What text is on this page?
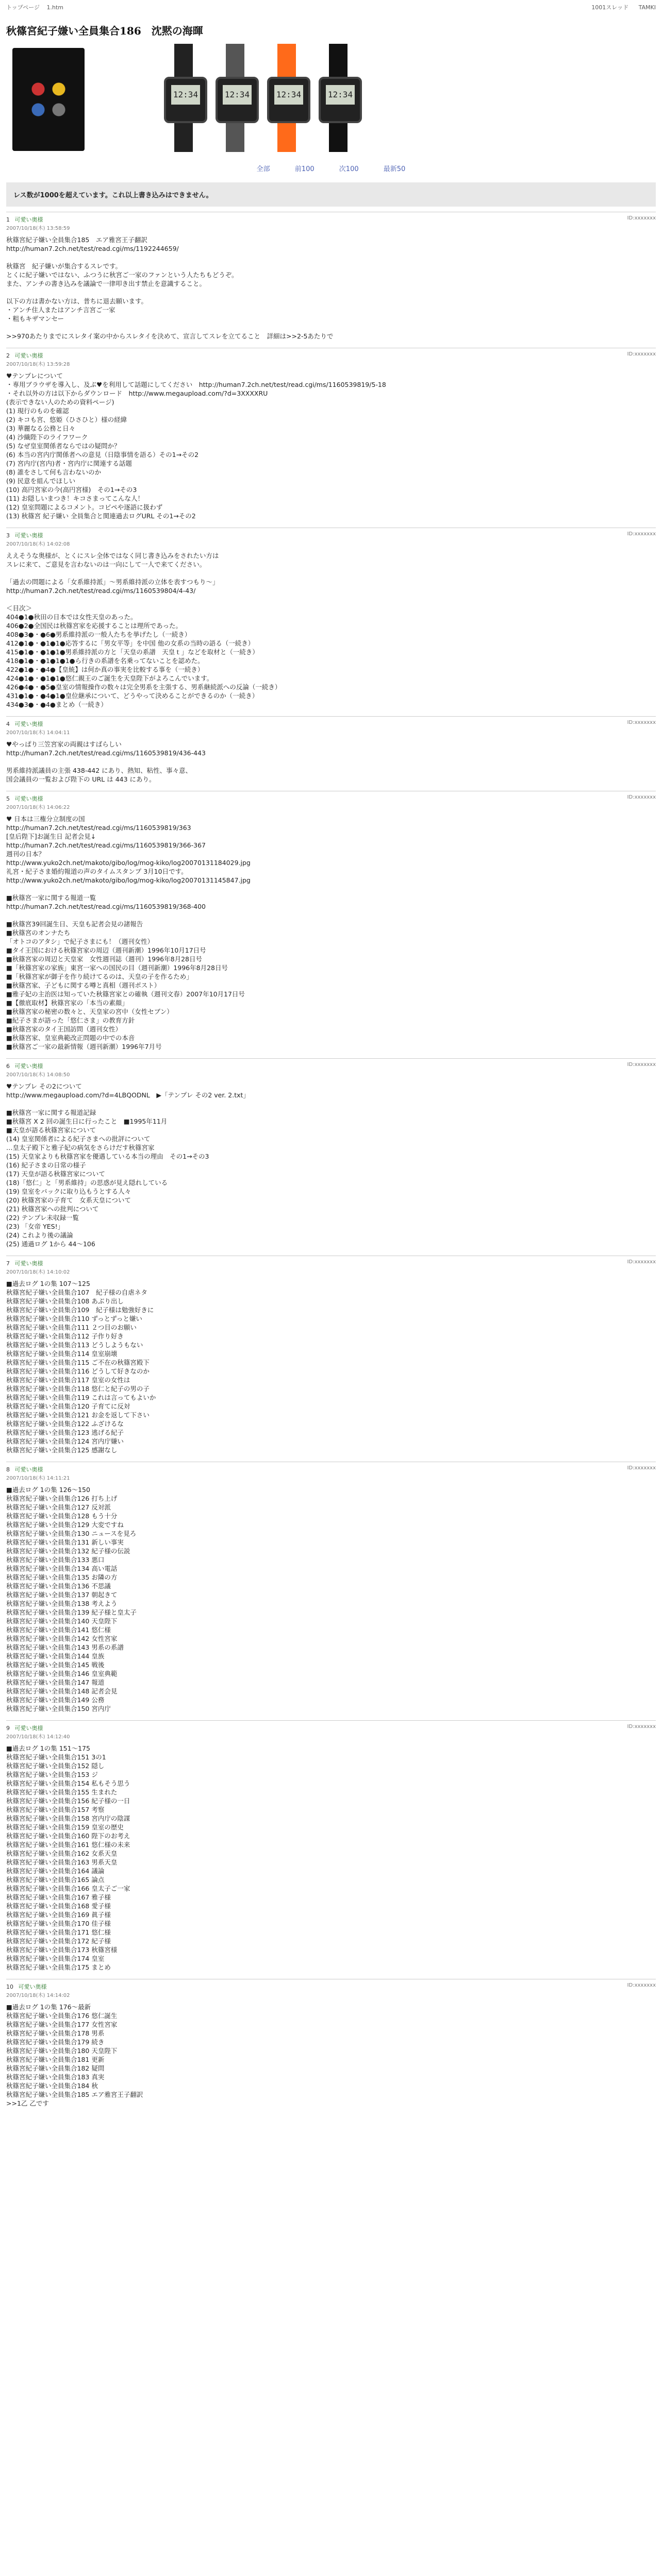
トップページ 1.htm	1001スレッド TAMKI
秋篠宮紀子嫌い全員集合186　沈黙の海暉
12:34	12:34	12:34	12:34
全部	前100	次100	最新50
レス数が1000を超えています。これ以上書き込みはできません。
1 可愛い奥様
2007/10/18(木) 13:58:59
ID:xxxxxxx
秋篠宮紀子嫌い全員集合185　エア雅宮王子翻訳
http://human7.2ch.net/test/read.cgi/ms/1192244659/

秋篠宮　紀子嫌いが集合するスレです。
とくに紀子嫌いではない、ふつうに秋宮ご一家のファンという人たちもどうぞ。
また、アンチの書き込みを議論で一律叩き出す禁止を意識すること。

以下の方は書かない方は、普ちに退去願います。
・アンチ住人またはアンチ言宮ご一家
・粗もキザマンセー

>>970あたりまでにスレタイ案の中からスレタイを決めて、宣言してスレを立てること　詳細は>>2-5あたりで
2 可愛い奥様
2007/10/18(木) 13:59:28
ID:xxxxxxx
♥テンプレについて
・専用ブラウザを導入し、及ぶ♥を利用して話題にしてください　http://human7.2ch.net/test/read.cgi/ms/1160539819/5-18
・それ以外の方は以下からダウンロード　http://www.megaupload.com/?d=3XXXXRU
(表示できない人のための資料ページ)
(1) 現行のものを確認
(2) キコも宮、悠姫（ひさひと）様の経緯
(3) 華麗なる公務と日々
(4) 沙織陛下のライフワーク
(5) なぜ皇室関係者ならではの疑問か？
(6) 本当の宮内庁関係者への意見（日陰事情を語る）その1→その2
(7) 宮内庁(宮内)者・宮内庁に関連する話題
(8) 誰をさして何も言わないのか
(9) 民意を組んでほしい
(10) 高円宮家の今(高円宮様)　その1→その3
(11) お隠しいまつき！キコさまってこんな人！
(12) 皇室問題によるコメント。コピペや逐語に扱わず
(13) 秋篠宮 紀子嫌い 全員集合と関連過去ログURL その1→その2
3 可愛い奥様
2007/10/18(木) 14:02:08
ID:xxxxxxx
ええそうな奥様が、とくにスレ全体ではなく同じ書き込みをされたい方は
スレに来て、ご意見を言わないのは一向にして一人で来てください。

「過去の問題による「女系維持派」〜男系維持派の立体を表すつもり〜」
http://human7.2ch.net/test/read.cgi/ms/1160539804/4-43/

＜目次＞
404●1●秋田の日本では女性天皇のあった。
406●2●全国民は秋篠宮家を応援することは理所であった。
408●3●・●6●男系維持派の一般人たちを挙げたし（一続き）
412●1●・●1●1●応答するに「男女平等」を中国 他の女系の当時の語る（一続き）
415●1●・●1●1●男系維持派の方と「天皇の系譜　天皇ｔ」などを取材と（一続き）
418●1●・●1●1●1●ら行きの系譜を名乗ってないことを認めた。
422●1●・●4●【皇統】は何か真の事実を比較する事を（一続き）
424●1●・●1●1●悠仁親王のご誕生を天皇陛下がよろこんでいます。
426●4●・●5●皇室の情報操作の数々は完全男系を主張する、男系継続派への反論（一続き）
431●1●・●4●1●皇位継承について、どうやって決めることができるのか（一続き）
434●3●・●4●まとめ（一続き）
4 可愛い奥様
2007/10/18(木) 14:04:11
ID:xxxxxxx
♥やっぱり三笠宮家の両親はすばらしい
http://human7.2ch.net/test/read.cgi/ms/1160539819/436-443

男系維持派議員の主張 438-442 にあり、熱知、粘性、事々意、
国会議員の一覧および陛下の URL は 443 にあり。
5 可愛い奥様
2007/10/18(木) 14:06:22
ID:xxxxxxx
♥ 日本は三権分立制度の国
http://human7.2ch.net/test/read.cgi/ms/1160539819/363
[皇后陛下]お誕生日 記者会見↓
http://human7.2ch.net/test/read.cgi/ms/1160539819/366-367
週刊の日本？
http://www.yuko2ch.net/makoto/gibo/log/mog-kiko/log20070131184029.jpg
礼宮・紀子さま婚約報道の声のタイムスタンプ 3月10日です。
http://www.yuko2ch.net/makoto/gibo/log/mog-kiko/log20070131145847.jpg

■秋篠宮一家に関する報道一覧
http://human7.2ch.net/test/read.cgi/ms/1160539819/368-400

■秋篠宮39回誕生日、天皇も記者会見の諸報告
■秋篠宮のオンナたち
「オトコのアタシ」で紀子さまにも！（週刊女性）
■タイ王国における秋篠宮家の周辺（週刊新潮）1996年10月17日号
■秋篠宮家の周辺と天皇家　女性週刊誌（週刊）1996年8月28日号
■「秋篠宮家の家族」東宮一家への国民の目（週刊新潮）1996年8月28日号
■「秋篠宮家が御子を作り続けてるのは、天皇の子を作るため」
■秋篠宮家、子どもに関する噂と真相（週刊ポスト）
■雅子妃の主治医は知っていた秋篠宮家との確執（週刊文春）2007年10月17日号
■【徹底取材】秋篠宮家の「本当の素顔」
■秋篠宮家の秘密の数々と、天皇家の宮中（女性セブン）
■紀子さまが語った「悠仁さま」の教育方針
■秋篠宮家のタイ王国訪問（週刊女性）
■秋篠宮家、皇室典範改正問題の中での本音
■秋篠宮ご一家の最新情報（週刊新潮）1996年7月号
6 可愛い奥様
2007/10/18(木) 14:08:50
ID:xxxxxxx
♥テンプレ その2について
http://www.megaupload.com/?d=4LBQODNL　▶「テンプレ その2 ver. 2.txt」

■秋篠宮一家に関する報道記録
■秋篠宮 X 2 回の誕生日に行ったこと　■1995年11月
■天皇が語る秋篠宮家について
(14) 皇室関係者による紀子さまへの批評について
…皇太子殿下と雅子妃の病気をさらけだす秋篠宮家
(15) 天皇家よりも秋篠宮家を優遇している本当の理由　その1→その3
(16) 紀子さまの日常の様子
(17) 天皇が語る秋篠宮家について
(18)「悠仁」と「男系維持」の思惑が見え隠れしている
(19) 皇室をバックに取り込もうとする人々
(20) 秋篠宮家の子育て　女系天皇について
(21) 秋篠宮家への批判について
(22) テンプレ未収録一覧
(23) 「女帝 YES!」
(24) これより後の議論
(25) 通過ログ 1から 44〜106
7 可愛い奥様
2007/10/18(木) 14:10:02
ID:xxxxxxx
■過去ログ 1の集 107〜125
秋篠宮紀子嫌い全員集合107　紀子様の自虐ネタ
秋篠宮紀子嫌い全員集合108 あぶり出し
秋篠宮紀子嫌い全員集合109　紀子様は勉強好きに
秋篠宮紀子嫌い全員集合110 ずっとずっと嫌い
秋篠宮紀子嫌い全員集合111 ２つ目のお願い
秋篠宮紀子嫌い全員集合112 子作り好き
秋篠宮紀子嫌い全員集合113 どうしようもない
秋篠宮紀子嫌い全員集合114 皇室崩壊
秋篠宮紀子嫌い全員集合115 ご不在の秋篠宮殿下
秋篠宮紀子嫌い全員集合116 どうして好きなのか
秋篠宮紀子嫌い全員集合117 皇室の女性は
秋篠宮紀子嫌い全員集合118 悠仁と紀子の男の子
秋篠宮紀子嫌い全員集合119 これは言ってもよいか
秋篠宮紀子嫌い全員集合120 子育てに反対
秋篠宮紀子嫌い全員集合121 お金を返して下さい
秋篠宮紀子嫌い全員集合122 ふざけるな
秋篠宮紀子嫌い全員集合123 逃げる紀子
秋篠宮紀子嫌い全員集合124 宮内庁嫌い
秋篠宮紀子嫌い全員集合125 感謝なし
8 可愛い奥様
2007/10/18(木) 14:11:21
ID:xxxxxxx
■過去ログ 1の集 126〜150
秋篠宮紀子嫌い全員集合126 打ち上げ
秋篠宮紀子嫌い全員集合127 反対派
秋篠宮紀子嫌い全員集合128 もう十分
秋篠宮紀子嫌い全員集合129 大変ですね
秋篠宮紀子嫌い全員集合130 ニュースを見ろ
秋篠宮紀子嫌い全員集合131 新しい事実
秋篠宮紀子嫌い全員集合132 紀子様の伝説
秋篠宮紀子嫌い全員集合133 悪口
秋篠宮紀子嫌い全員集合134 高い電話
秋篠宮紀子嫌い全員集合135 お隣の方
秋篠宮紀子嫌い全員集合136 不思議
秋篠宮紀子嫌い全員集合137 朝起きて
秋篠宮紀子嫌い全員集合138 考えよう
秋篠宮紀子嫌い全員集合139 紀子様と皇太子
秋篠宮紀子嫌い全員集合140 天皇陛下
秋篠宮紀子嫌い全員集合141 悠仁様
秋篠宮紀子嫌い全員集合142 女性宮家
秋篠宮紀子嫌い全員集合143 男系の系譜
秋篠宮紀子嫌い全員集合144 皇族
秋篠宮紀子嫌い全員集合145 戦後
秋篠宮紀子嫌い全員集合146 皇室典範
秋篠宮紀子嫌い全員集合147 報道
秋篠宮紀子嫌い全員集合148 記者会見
秋篠宮紀子嫌い全員集合149 公務
秋篠宮紀子嫌い全員集合150 宮内庁
9 可愛い奥様
2007/10/18(木) 14:12:40
ID:xxxxxxx
■過去ログ 1の集 151〜175
秋篠宮紀子嫌い全員集合151 3の1
秋篠宮紀子嫌い全員集合152 隠し
秋篠宮紀子嫌い全員集合153 ジ
秋篠宮紀子嫌い全員集合154 私もそう思う
秋篠宮紀子嫌い全員集合155 生まれた
秋篠宮紀子嫌い全員集合156 紀子様の一日
秋篠宮紀子嫌い全員集合157 考察
秋篠宮紀子嫌い全員集合158 宮内庁の陰謀
秋篠宮紀子嫌い全員集合159 皇室の歴史
秋篠宮紀子嫌い全員集合160 陛下のお考え
秋篠宮紀子嫌い全員集合161 悠仁様の未来
秋篠宮紀子嫌い全員集合162 女系天皇
秋篠宮紀子嫌い全員集合163 男系天皇
秋篠宮紀子嫌い全員集合164 議論
秋篠宮紀子嫌い全員集合165 論点
秋篠宮紀子嫌い全員集合166 皇太子ご一家
秋篠宮紀子嫌い全員集合167 雅子様
秋篠宮紀子嫌い全員集合168 愛子様
秋篠宮紀子嫌い全員集合169 眞子様
秋篠宮紀子嫌い全員集合170 佳子様
秋篠宮紀子嫌い全員集合171 悠仁様
秋篠宮紀子嫌い全員集合172 紀子様
秋篠宮紀子嫌い全員集合173 秋篠宮様
秋篠宮紀子嫌い全員集合174 皇室
秋篠宮紀子嫌い全員集合175 まとめ
10 可愛い奥様
2007/10/18(木) 14:14:02
ID:xxxxxxx
■過去ログ 1の集 176〜最新
秋篠宮紀子嫌い全員集合176 悠仁誕生
秋篠宮紀子嫌い全員集合177 女性宮家
秋篠宮紀子嫌い全員集合178 男系
秋篠宮紀子嫌い全員集合179 続き
秋篠宮紀子嫌い全員集合180 天皇陛下
秋篠宮紀子嫌い全員集合181 更新
秋篠宮紀子嫌い全員集合182 疑問
秋篠宮紀子嫌い全員集合183 真実
秋篠宮紀子嫌い全員集合184 秋
秋篠宮紀子嫌い全員集合185 エア雅宮王子翻訳
>>1乙 乙です
